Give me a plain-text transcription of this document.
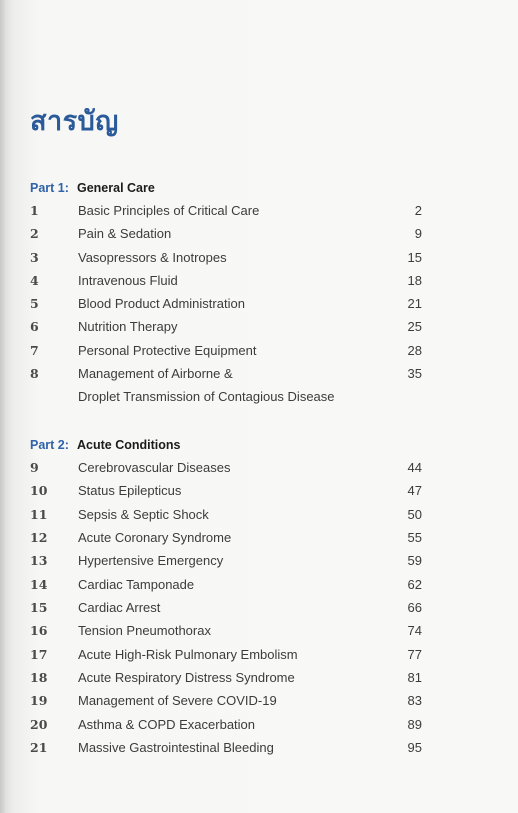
สารบัญ
Part 1: General Care
1	Basic Principles of Critical Care	2
2	Pain & Sedation	9
3	Vasopressors & Inotropes	15
4	Intravenous Fluid	18
5	Blood Product Administration	21
6	Nutrition Therapy	25
7	Personal Protective Equipment	28
8	Management of Airborne &	35
Droplet Transmission of Contagious Disease
Part 2: Acute Conditions
9	Cerebrovascular Diseases	44
10 Status Epilepticus	47
11 Sepsis & Septic Shock	50
12 Acute Coronary Syndrome	55
13 Hypertensive Emergency	59
14 Cardiac Tamponade	62
15 Cardiac Arrest	66
16 Tension Pneumothorax	74
17 Acute High-Risk Pulmonary Embolism	77
18 Acute Respiratory Distress Syndrome	81
19 Management of Severe COVID-19	83
20 Asthma & COPD Exacerbation	89
21 Massive Gastrointestinal Bleeding	95
